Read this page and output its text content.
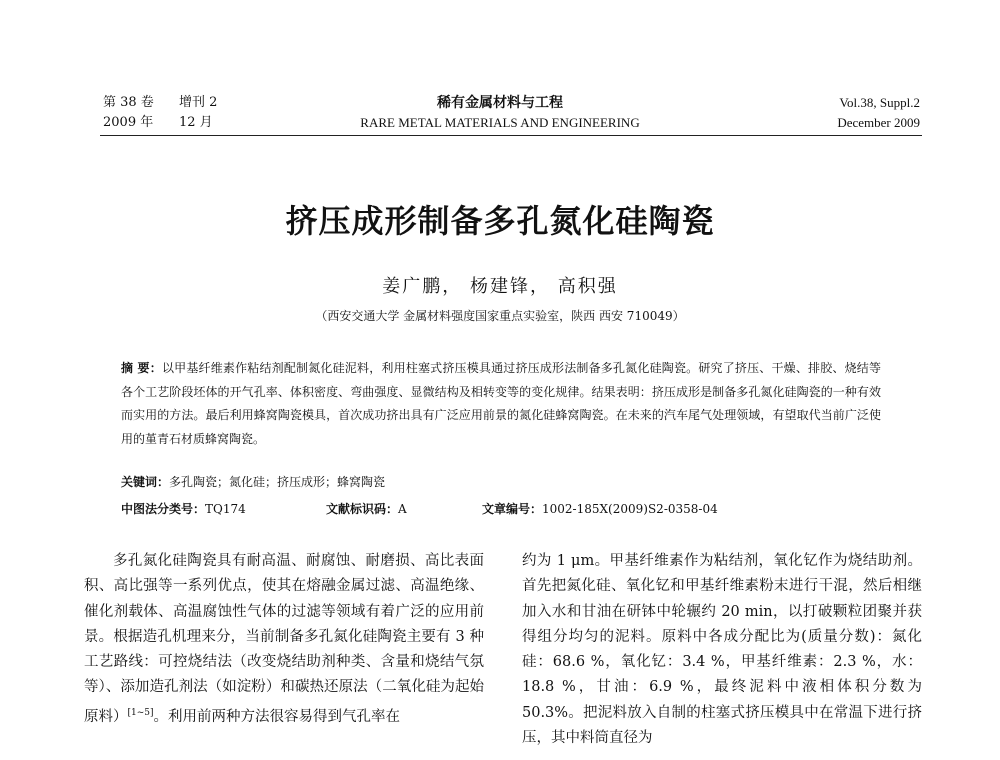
第 38 卷 增刊 2
2009 年 12 月
稀有金属材料与工程
RARE METAL MATERIALS AND ENGINEERING
Vol.38, Suppl.2
December 2009
挤压成形制备多孔氮化硅陶瓷
姜广鹏， 杨建锋， 高积强
（西安交通大学 金属材料强度国家重点实验室，陕西 西安 710049）
摘 要：以甲基纤维素作粘结剂配制氮化硅泥料，利用柱塞式挤压模具通过挤压成形法制备多孔氮化硅陶瓷。研究了挤压、干燥、排胶、烧结等各个工艺阶段坯体的开气孔率、体积密度、弯曲强度、显微结构及相转变等的变化规律。结果表明：挤压成形是制备多孔氮化硅陶瓷的一种有效而实用的方法。最后利用蜂窝陶瓷模具，首次成功挤出具有广泛应用前景的氮化硅蜂窝陶瓷。在未来的汽车尾气处理领域，有望取代当前广泛使用的堇青石材质蜂窝陶瓷。
关键词：多孔陶瓷；氮化硅；挤压成形；蜂窝陶瓷
中图法分类号：TQ174	文献标识码：A	文章编号：1002-185X(2009)S2-0358-04

多孔氮化硅陶瓷具有耐高温、耐腐蚀、耐磨损、高比表面积、高比强等一系列优点，使其在熔融金属过滤、高温绝缘、催化剂载体、高温腐蚀性气体的过滤等领域有着广泛的应用前景。根据造孔机理来分，当前制备多孔氮化硅陶瓷主要有 3 种工艺路线：可控烧结法（改变烧结助剂种类、含量和烧结气氛等）、添加造孔剂法（如淀粉）和碳热还原法（二氧化硅为起始原料）[1~5]。利用前两种方法很容易得到气孔率在

约为 1 μm。甲基纤维素作为粘结剂，氧化钇作为烧结助剂。首先把氮化硅、氧化钇和甲基纤维素粉末进行干混，然后相继加入水和甘油在研钵中轮辗约 20 min，以打破颗粒团聚并获得组分均匀的泥料。原料中各成分配比为(质量分数)：氮化硅：68.6 %，氧化钇：3.4 %，甲基纤维素：2.3 %，水：18.8 %，甘油：6.9 %，最终泥料中液相体积分数为 50.3%。把泥料放入自制的柱塞式挤压模具中在常温下进行挤压，其中料筒直径为
